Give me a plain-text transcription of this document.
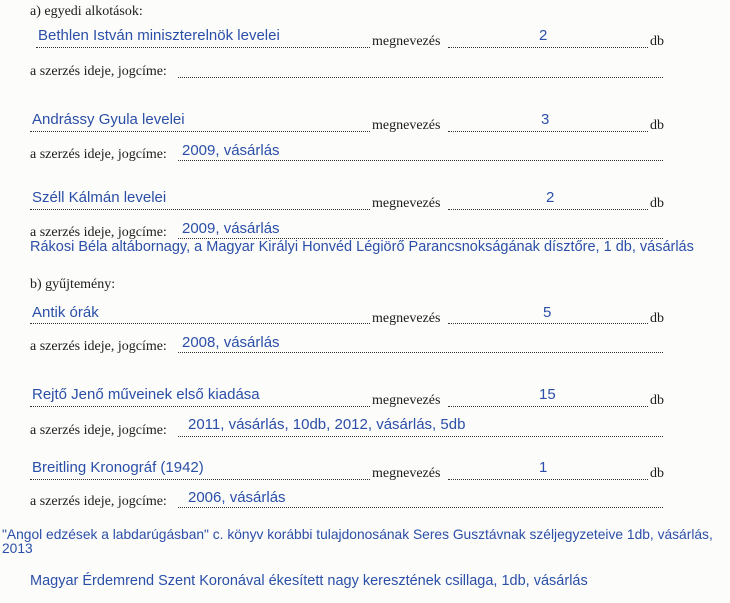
a) egyedi alkotások:
Bethlen István miniszterelnök levelei	megnevezés	2	db
a szerzés ideje, jogcíme:
Andrássy Gyula levelei	megnevezés	3	db
a szerzés ideje, jogcíme: 2009, vásárlás
Széll Kálmán levelei	megnevezés	2	db
a szerzés ideje, jogcíme: 2009, vásárlás
Rákosi Béla altábornagy, a Magyar Királyi Honvéd Légiörő Parancsnokságának dísztőre, 1 db, vásárlás
b) gyűjtemény:
Antik órák	megnevezés	5	db
a szerzés ideje, jogcíme: 2008, vásárlás
Rejtő Jenő műveinek első kiadása	megnevezés	15	db
a szerzés ideje, jogcíme: 2011, vásárlás, 10db, 2012, vásárlás, 5db
Breitling Kronográf (1942)	megnevezés	1	db
a szerzés ideje, jogcíme: 2006, vásárlás
"Angol edzések a labdarúgásban" c. könyv korábbi tulajdonosának Seres Gusztávnak széljegyzeteive 1db, vásárlás, 2013
Magyar Érdemrend Szent Koronával ékesített nagy keresztének csillaga, 1db, vásárlás
